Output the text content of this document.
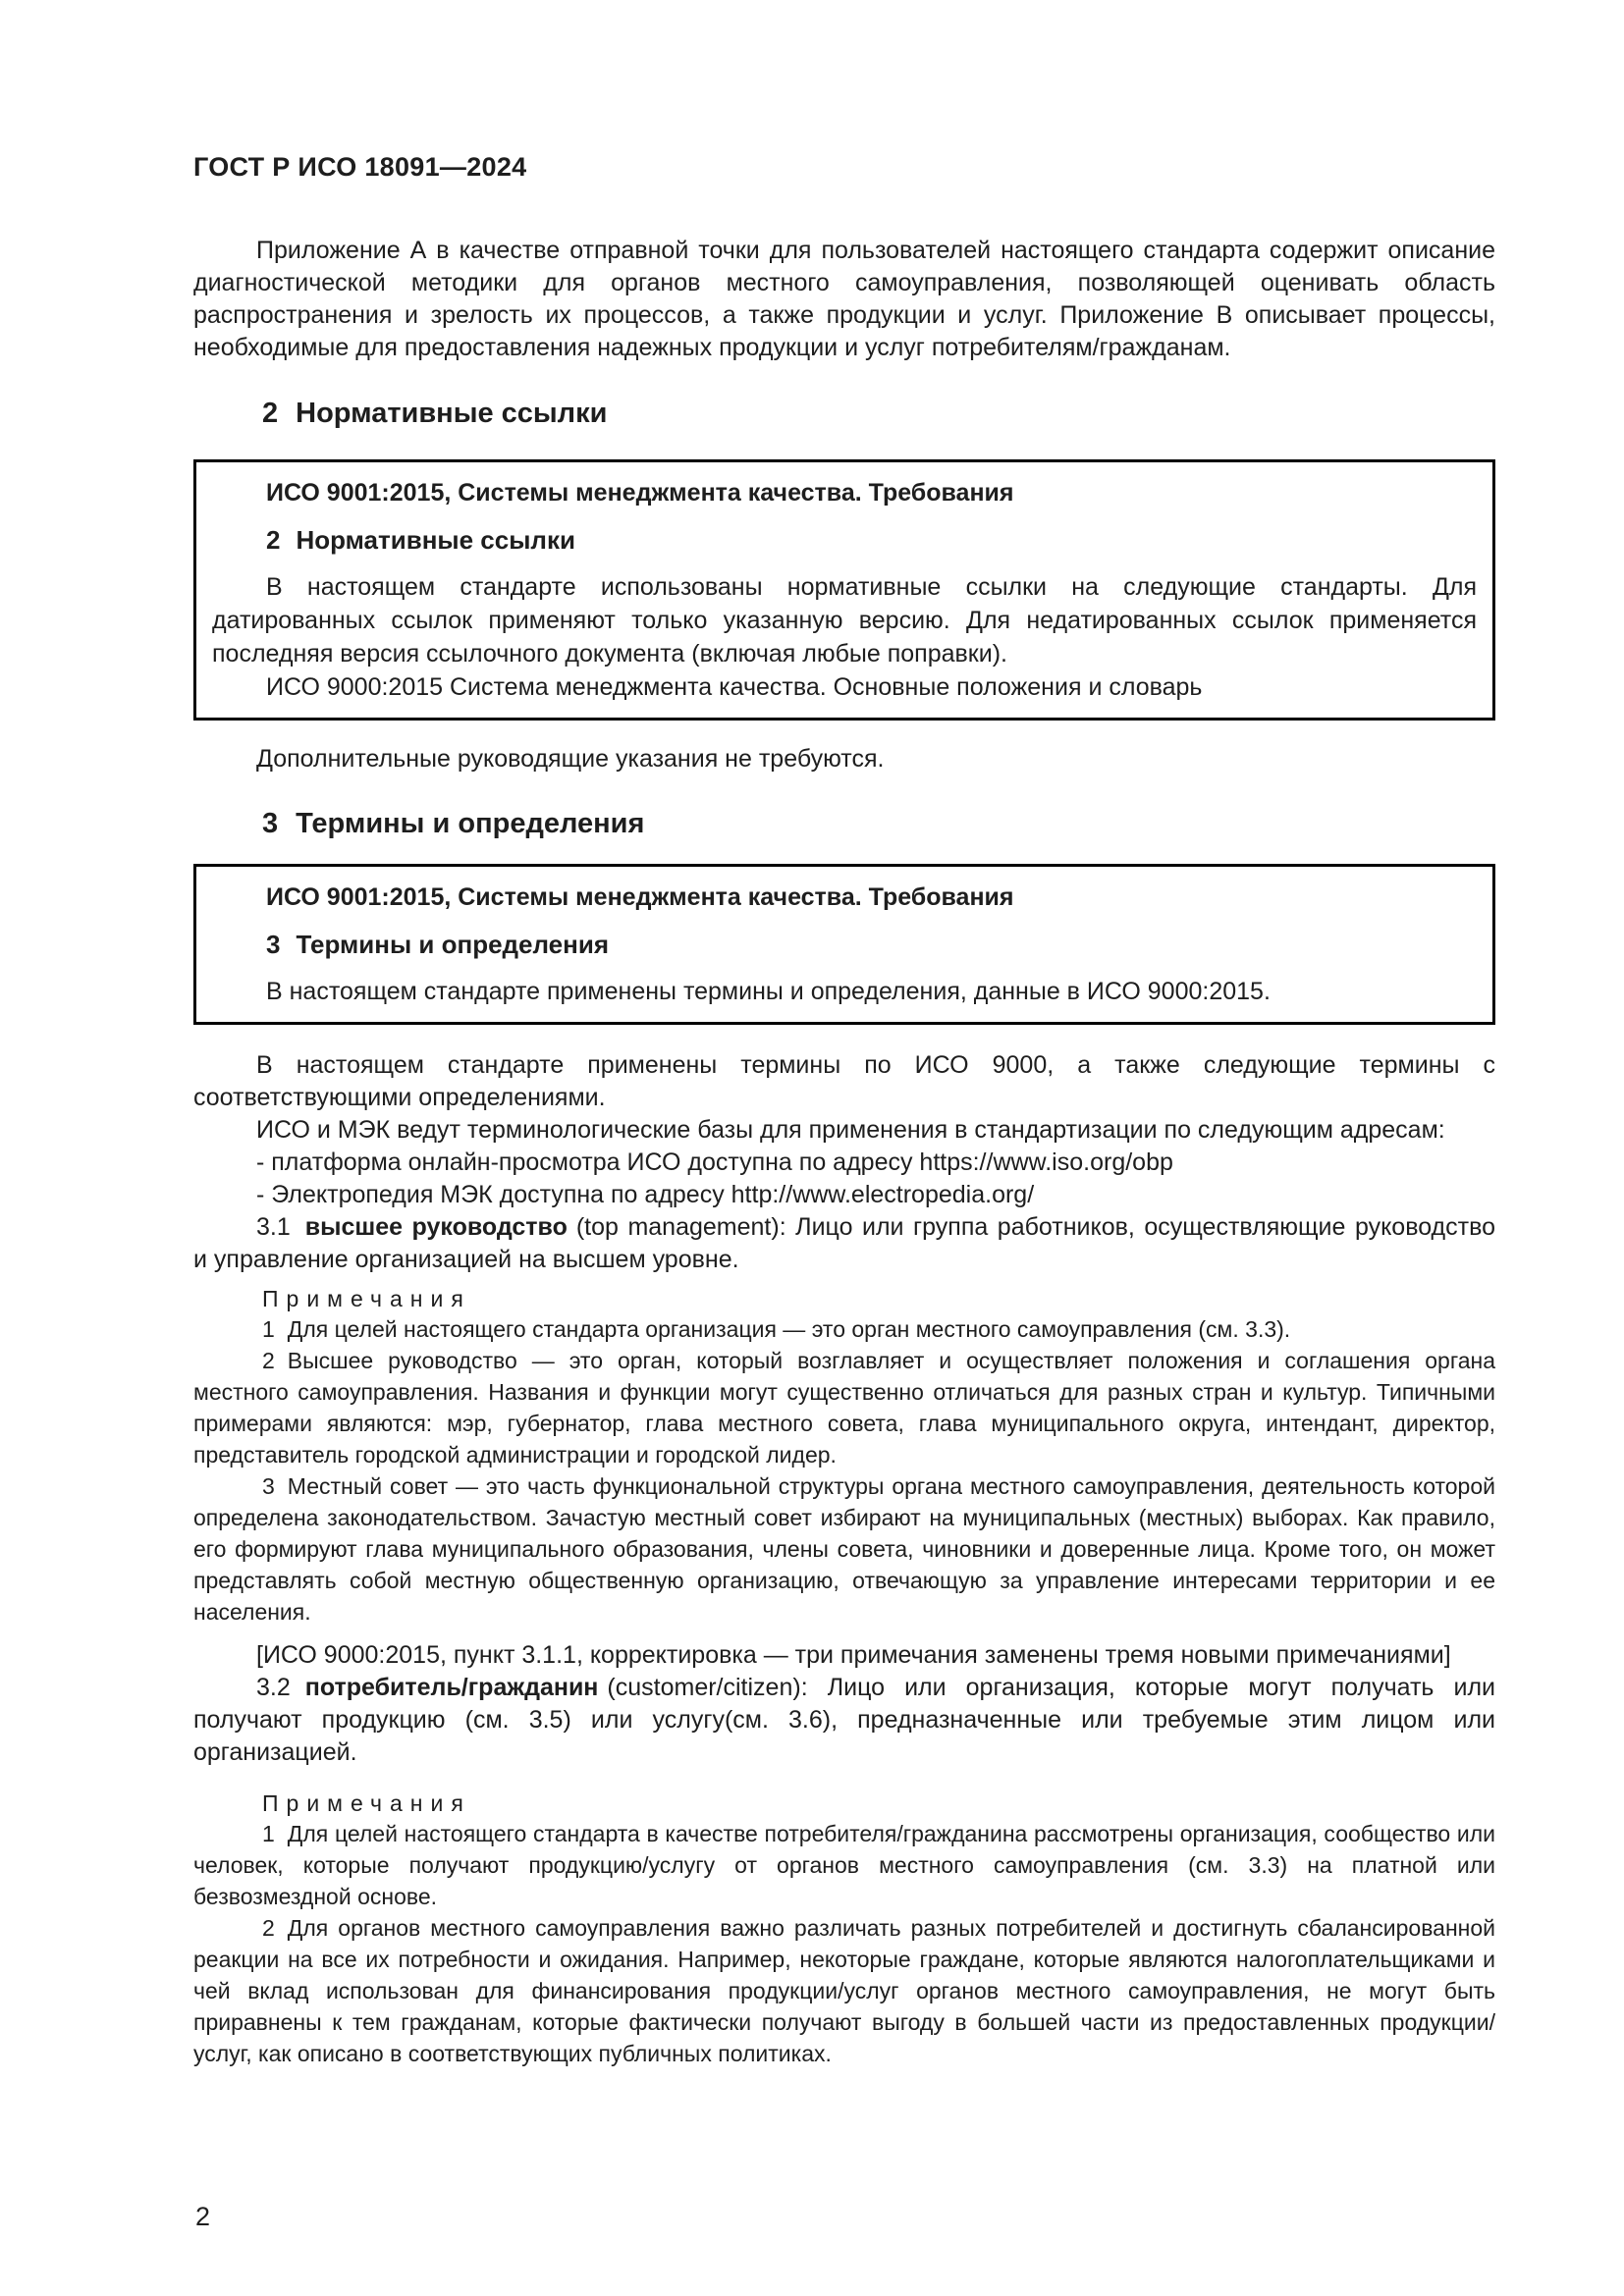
ГОСТ Р ИСО 18091—2024

Приложение А в качестве отправной точки для пользователей настоящего стандарта содержит описание диагностической методики для органов местного самоуправления, позволяющей оценивать область распространения и зрелость их процессов, а также продукции и услуг. Приложение В описывает процессы, необходимые для предоставления надежных продукции и услуг потребителям/гражданам.

2 Нормативные ссылки

ИСО 9001:2015, Системы менеджмента качества. Требования

2 Нормативные ссылки

В настоящем стандарте использованы нормативные ссылки на следующие стандарты. Для датированных ссылок применяют только указанную версию. Для недатированных ссылок применяется последняя версия ссылочного документа (включая любые поправки).

ИСО 9000:2015 Система менеджмента качества. Основные положения и словарь

Дополнительные руководящие указания не требуются.

3 Термины и определения

ИСО 9001:2015, Системы менеджмента качества. Требования

3 Термины и определения

В настоящем стандарте применены термины и определения, данные в ИСО 9000:2015.

В настоящем стандарте применены термины по ИСО 9000, а также следующие термины с соответствующими определениями.

ИСО и МЭК ведут терминологические базы для применения в стандартизации по следующим адресам:

- платформа онлайн-просмотра ИСО доступна по адресу https://www.iso.org/obp

- Электропедия МЭК доступна по адресу http://www.electropedia.org/

3.1 высшее руководство (top management): Лицо или группа работников, осуществляющие руководство и управление организацией на высшем уровне.

Примечания

1 Для целей настоящего стандарта организация — это орган местного самоуправления (см. 3.3).

2 Высшее руководство — это орган, который возглавляет и осуществляет положения и соглашения органа местного самоуправления. Названия и функции могут существенно отличаться для разных стран и культур. Типичными примерами являются: мэр, губернатор, глава местного совета, глава муниципального округа, интендант, директор, представитель городской администрации и городской лидер.

3 Местный совет — это часть функциональной структуры органа местного самоуправления, деятельность которой определена законодательством. Зачастую местный совет избирают на муниципальных (местных) выборах. Как правило, его формируют глава муниципального образования, члены совета, чиновники и доверенные лица. Кроме того, он может представлять собой местную общественную организацию, отвечающую за управление интересами территории и ее населения.

[ИСО 9000:2015, пункт 3.1.1, корректировка — три примечания заменены тремя новыми примечаниями]

3.2 потребитель/гражданин (customer/citizen): Лицо или организация, которые могут получать или получают продукцию (см. 3.5) или услугу(см. 3.6), предназначенные или требуемые этим лицом или организацией.

Примечания

1 Для целей настоящего стандарта в качестве потребителя/гражданина рассмотрены организация, сообщество или человек, которые получают продукцию/услугу от органов местного самоуправления (см. 3.3) на платной или безвозмездной основе.

2 Для органов местного самоуправления важно различать разных потребителей и достигнуть сбалансированной реакции на все их потребности и ожидания. Например, некоторые граждане, которые являются налогоплательщиками и чей вклад использован для финансирования продукции/услуг органов местного самоуправления, не могут быть приравнены к тем гражданам, которые фактически получают выгоду в большей части из предоставленных продукции/услуг, как описано в соответствующих публичных политиках.

2
